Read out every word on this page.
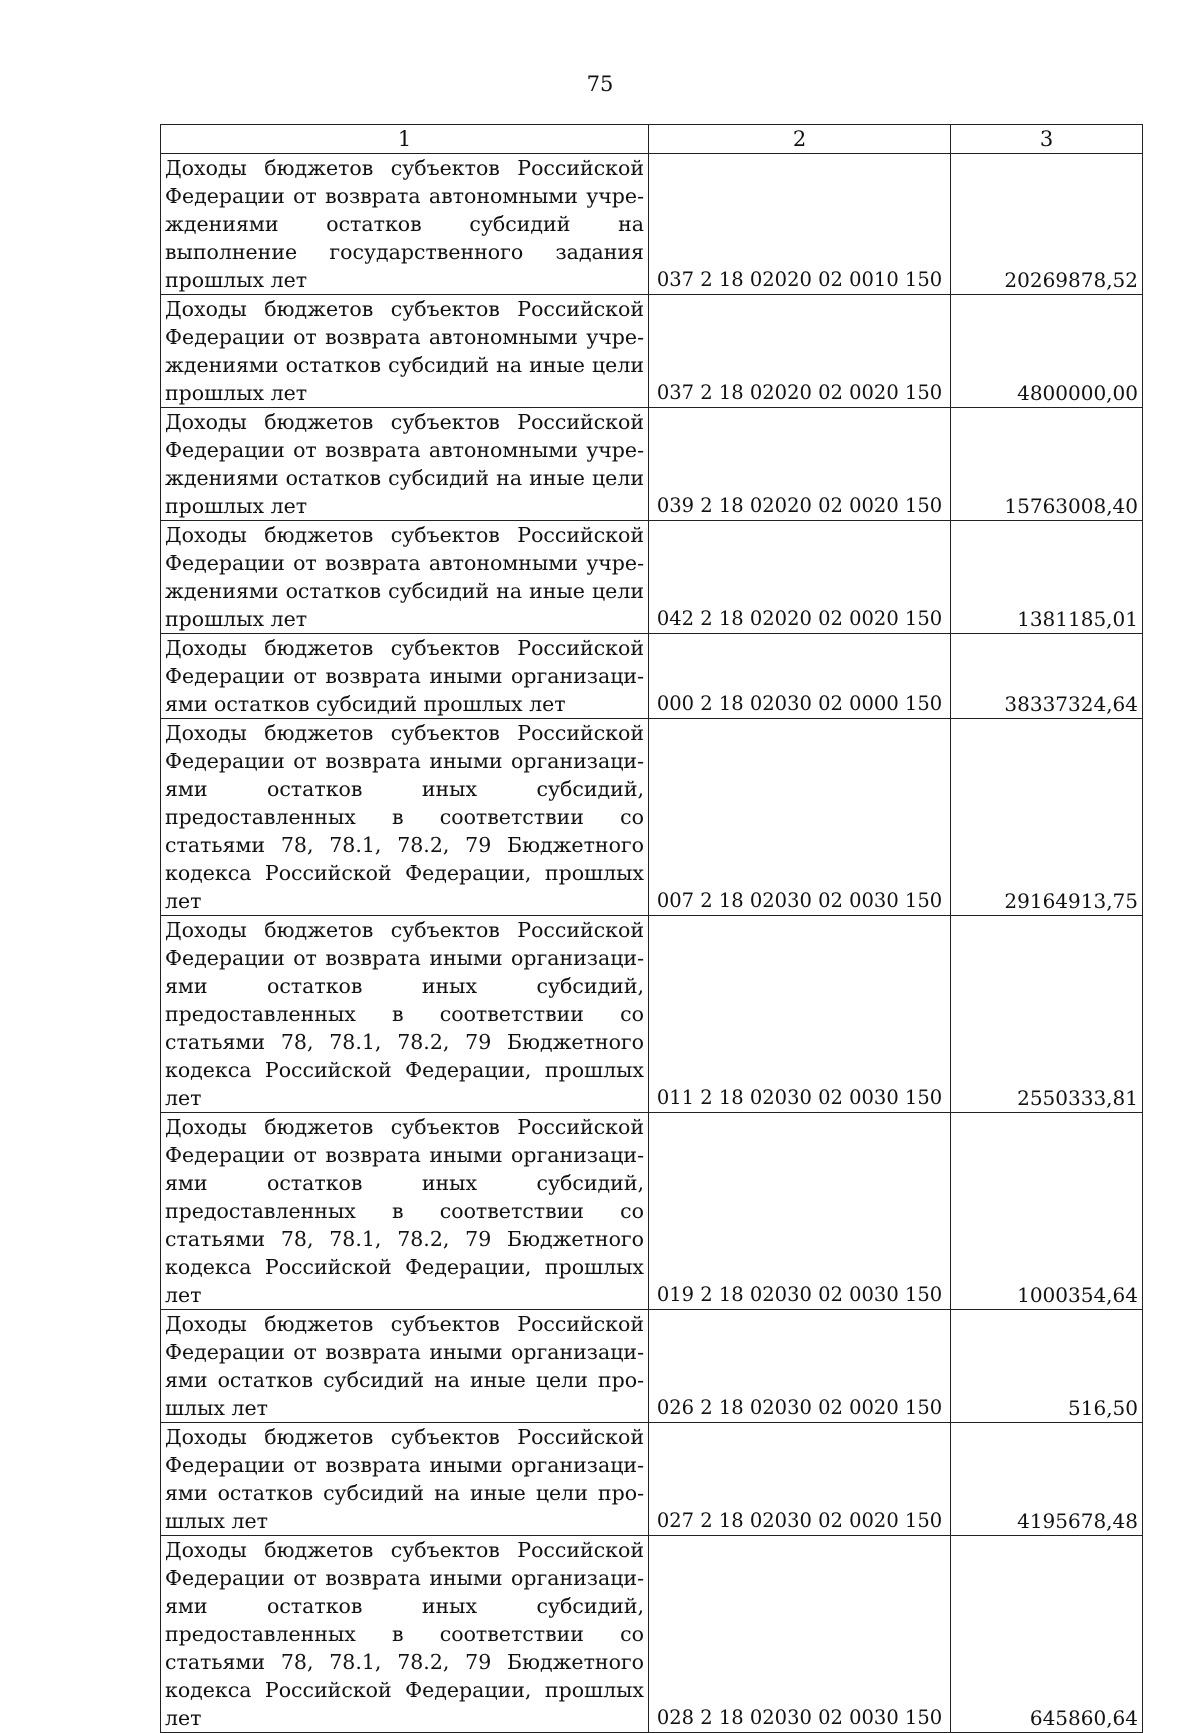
75
1	2	3
Доходы бюджетов субъектов Российской Федерации от возврата автономными учреждениями остатков субсидий на выполнение государственного задания прошлых лет	037 2 18 02020 02 0010 150	20269878,52
Доходы бюджетов субъектов Российской Федерации от возврата автономными учреждениями остатков субсидий на иные цели прошлых лет	037 2 18 02020 02 0020 150	4800000,00
Доходы бюджетов субъектов Российской Федерации от возврата автономными учреждениями остатков субсидий на иные цели прошлых лет	039 2 18 02020 02 0020 150	15763008,40
Доходы бюджетов субъектов Российской Федерации от возврата автономными учреждениями остатков субсидий на иные цели прошлых лет	042 2 18 02020 02 0020 150	1381185,01
Доходы бюджетов субъектов Российской Федерации от возврата иными организациями остатков субсидий прошлых лет	000 2 18 02030 02 0000 150	38337324,64
Доходы бюджетов субъектов Российской Федерации от возврата иными организациями остатков иных субсидий, предоставленных в соответствии со статьями 78, 78.1, 78.2, 79 Бюджетного кодекса Российской Федерации, прошлых лет	007 2 18 02030 02 0030 150	29164913,75
Доходы бюджетов субъектов Российской Федерации от возврата иными организациями остатков иных субсидий, предоставленных в соответствии со статьями 78, 78.1, 78.2, 79 Бюджетного кодекса Российской Федерации, прошлых лет	011 2 18 02030 02 0030 150	2550333,81
Доходы бюджетов субъектов Российской Федерации от возврата иными организациями остатков иных субсидий, предоставленных в соответствии со статьями 78, 78.1, 78.2, 79 Бюджетного кодекса Российской Федерации, прошлых лет	019 2 18 02030 02 0030 150	1000354,64
Доходы бюджетов субъектов Российской Федерации от возврата иными организациями остатков субсидий на иные цели прошлых лет	026 2 18 02030 02 0020 150	516,50
Доходы бюджетов субъектов Российской Федерации от возврата иными организациями остатков субсидий на иные цели прошлых лет	027 2 18 02030 02 0020 150	4195678,48
Доходы бюджетов субъектов Российской Федерации от возврата иными организациями остатков иных субсидий, предоставленных в соответствии со статьями 78, 78.1, 78.2, 79 Бюджетного кодекса Российской Федерации, прошлых лет	028 2 18 02030 02 0030 150	645860,64
